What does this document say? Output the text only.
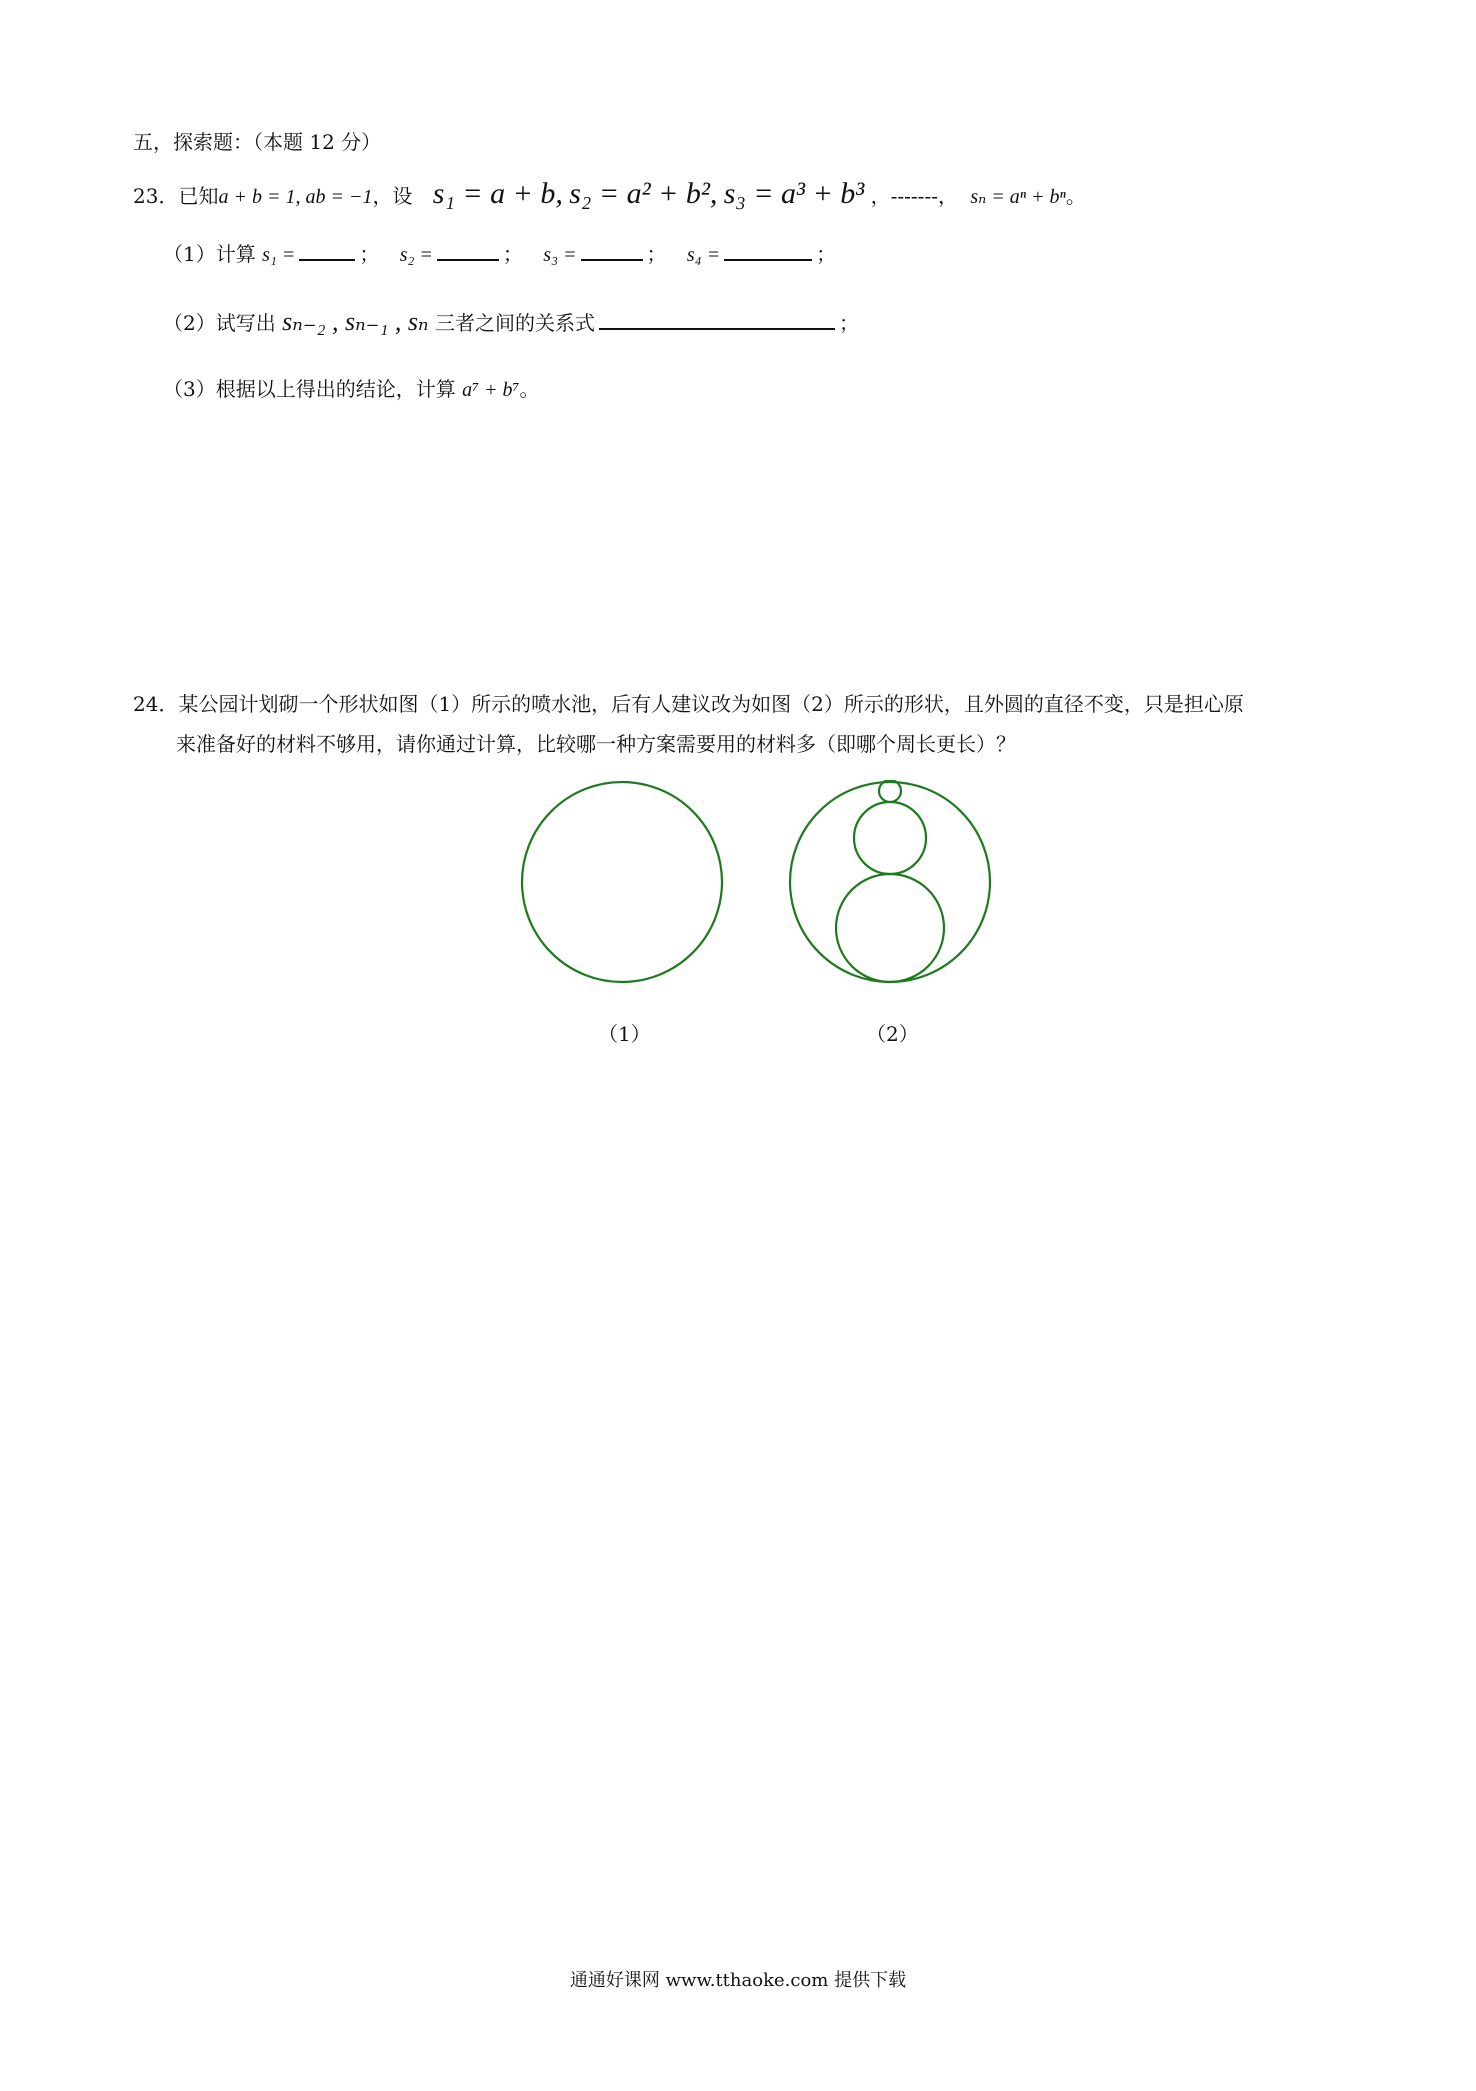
五，探索题：（本题 12 分）
23．已知a + b = 1, ab = −1，设 s₁ = a + b, s₂ = a² + b², s₃ = a³ + b³ ，-------， sₙ = aⁿ + bⁿ。
（1）计算 s₁ =	； s₂ =	； s₃ =	； s₄ =	；
（2）试写出 sₙ₋₂ , sₙ₋₁ , sₙ 三者之间的关系式	；
（3）根据以上得出的结论，计算 a⁷ + b⁷。
24．某公园计划砌一个形状如图（1）所示的喷水池，后有人建议改为如图（2）所示的形状，且外圆的直径不变，只是担心原
来准备好的材料不够用，请你通过计算，比较哪一种方案需要用的材料多（即哪个周长更长）？
（1）	（2）
通通好课网 www.tthaoke.com 提供下载
